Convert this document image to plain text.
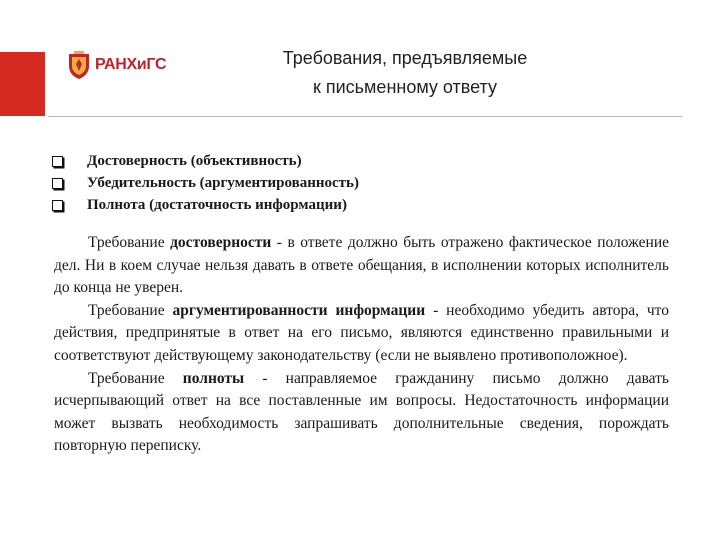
РАНХиГС	Требования, предъявляемые
к письменному ответу
Достоверность (объективность)
Убедительность (аргументированность)
Полнота (достаточность информации)

Требование достоверности - в ответе должно быть отражено фактическое положение дел. Ни в коем случае нельзя давать в ответе обещания, в исполнении которых исполнитель до конца не уверен.

Требование аргументированности информации - необходимо убедить автора, что действия, предпринятые в ответ на его письмо, являются единственно правильными и соответствуют действующему законодательству (если не выявлено противоположное).

Требование полноты - направляемое гражданину письмо должно давать исчерпывающий ответ на все поставленные им вопросы. Недостаточность информации может вызвать необходимость запрашивать дополнительные сведения, порождать повторную переписку.
